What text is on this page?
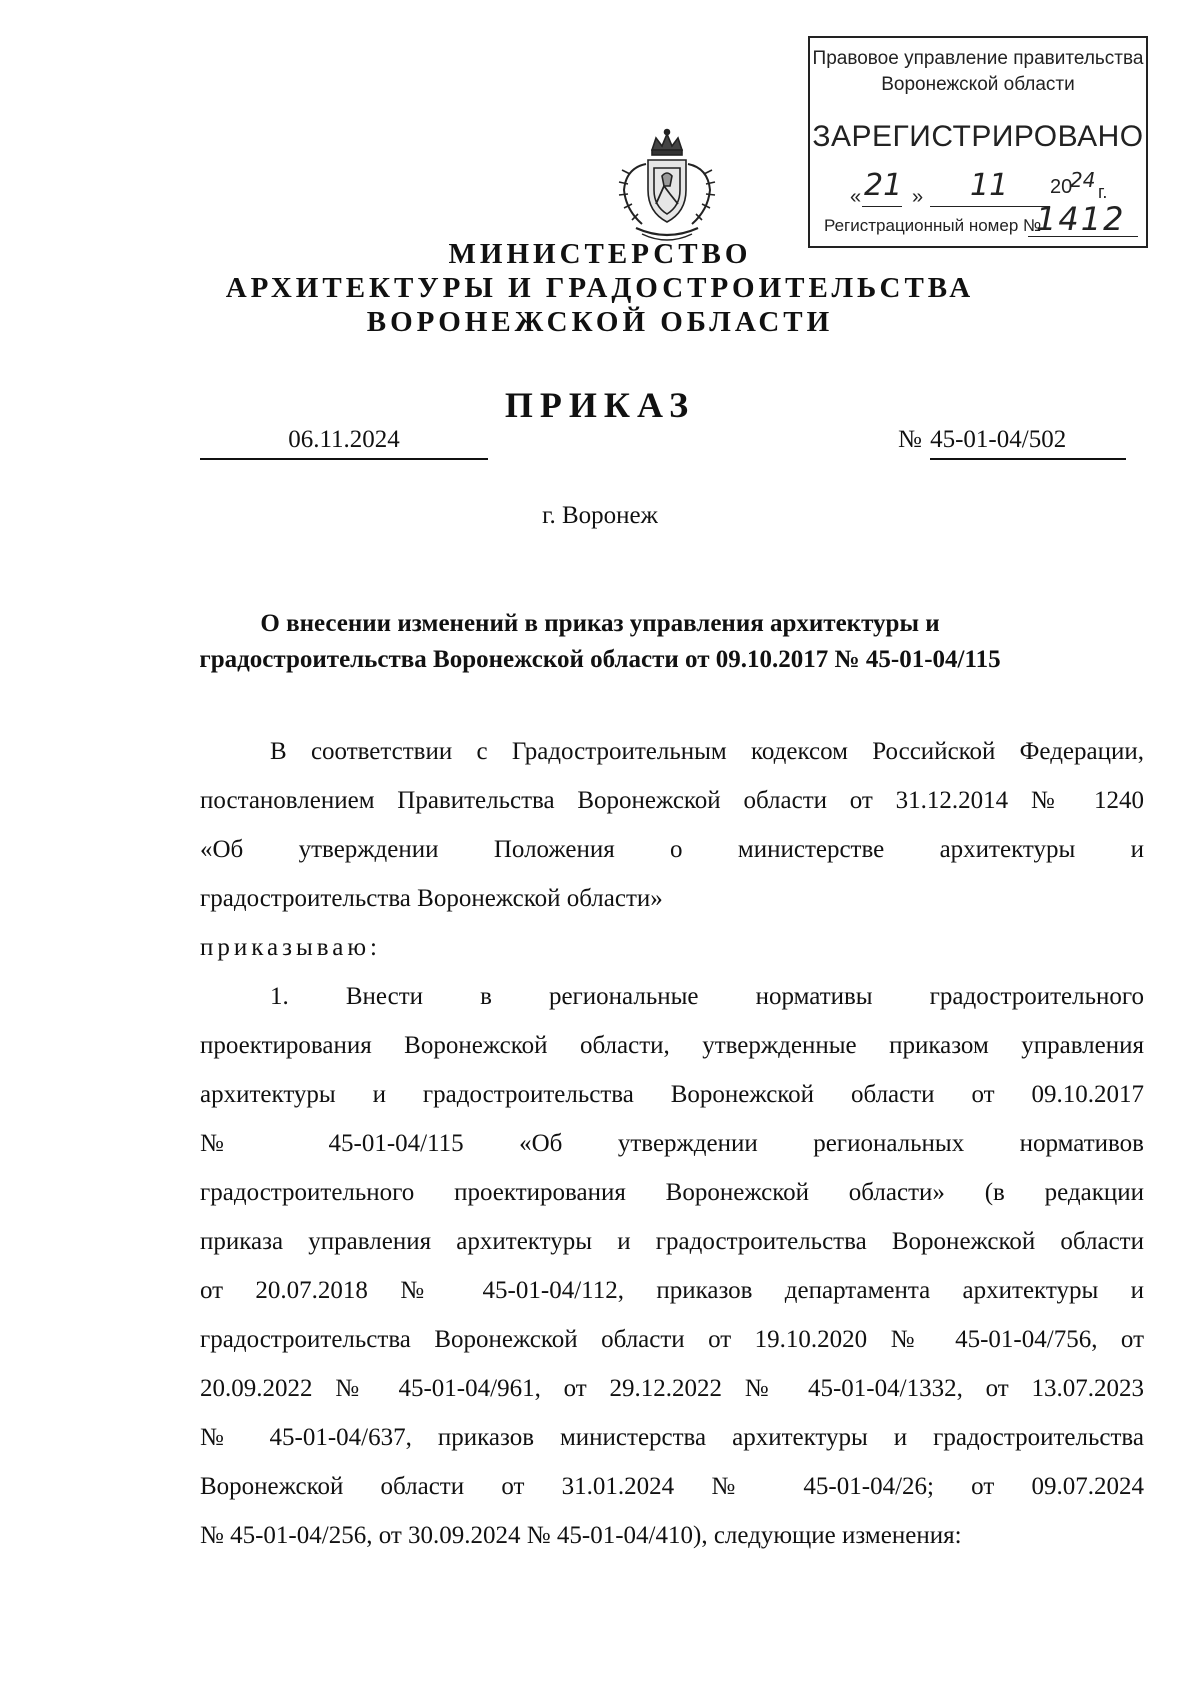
Правовое управление правительства
Воронежской области
ЗАРЕГИСТРИРОВАНО
« 21 » 11 20
24 г.
Регистрационный номер №
1412
МИНИСТЕРСТВО
АРХИТЕКТУРЫ И ГРАДОСТРОИТЕЛЬСТВА
ВОРОНЕЖСКОЙ ОБЛАСТИ
ПРИКАЗ
06.11.2024	№ 45-01-04/502
г. Воронеж
О внесении изменений в приказ управления архитектуры и
градостроительства Воронежской области от 09.10.2017 № 45-01-04/115
В соответствии с Градостроительным кодексом Российской Федерации,
постановлением Правительства Воронежской области от 31.12.2014 № 1240
«Об утверждении Положения о министерстве архитектуры и
градостроительства Воронежской области»
приказываю:
1. Внести в региональные нормативы градостроительного
проектирования Воронежской области, утвержденные приказом управления
архитектуры и градостроительства Воронежской области от 09.10.2017
№ 45-01-04/115 «Об утверждении региональных нормативов
градостроительного проектирования Воронежской области» (в редакции
приказа управления архитектуры и градостроительства Воронежской области
от 20.07.2018 № 45-01-04/112, приказов департамента архитектуры и
градостроительства Воронежской области от 19.10.2020 № 45-01-04/756, от
20.09.2022 № 45-01-04/961, от 29.12.2022 № 45-01-04/1332, от 13.07.2023
№ 45-01-04/637, приказов министерства архитектуры и градостроительства
Воронежской области от 31.01.2024 № 45-01-04/26; от 09.07.2024
№ 45-01-04/256, от 30.09.2024 № 45-01-04/410), следующие изменения:
